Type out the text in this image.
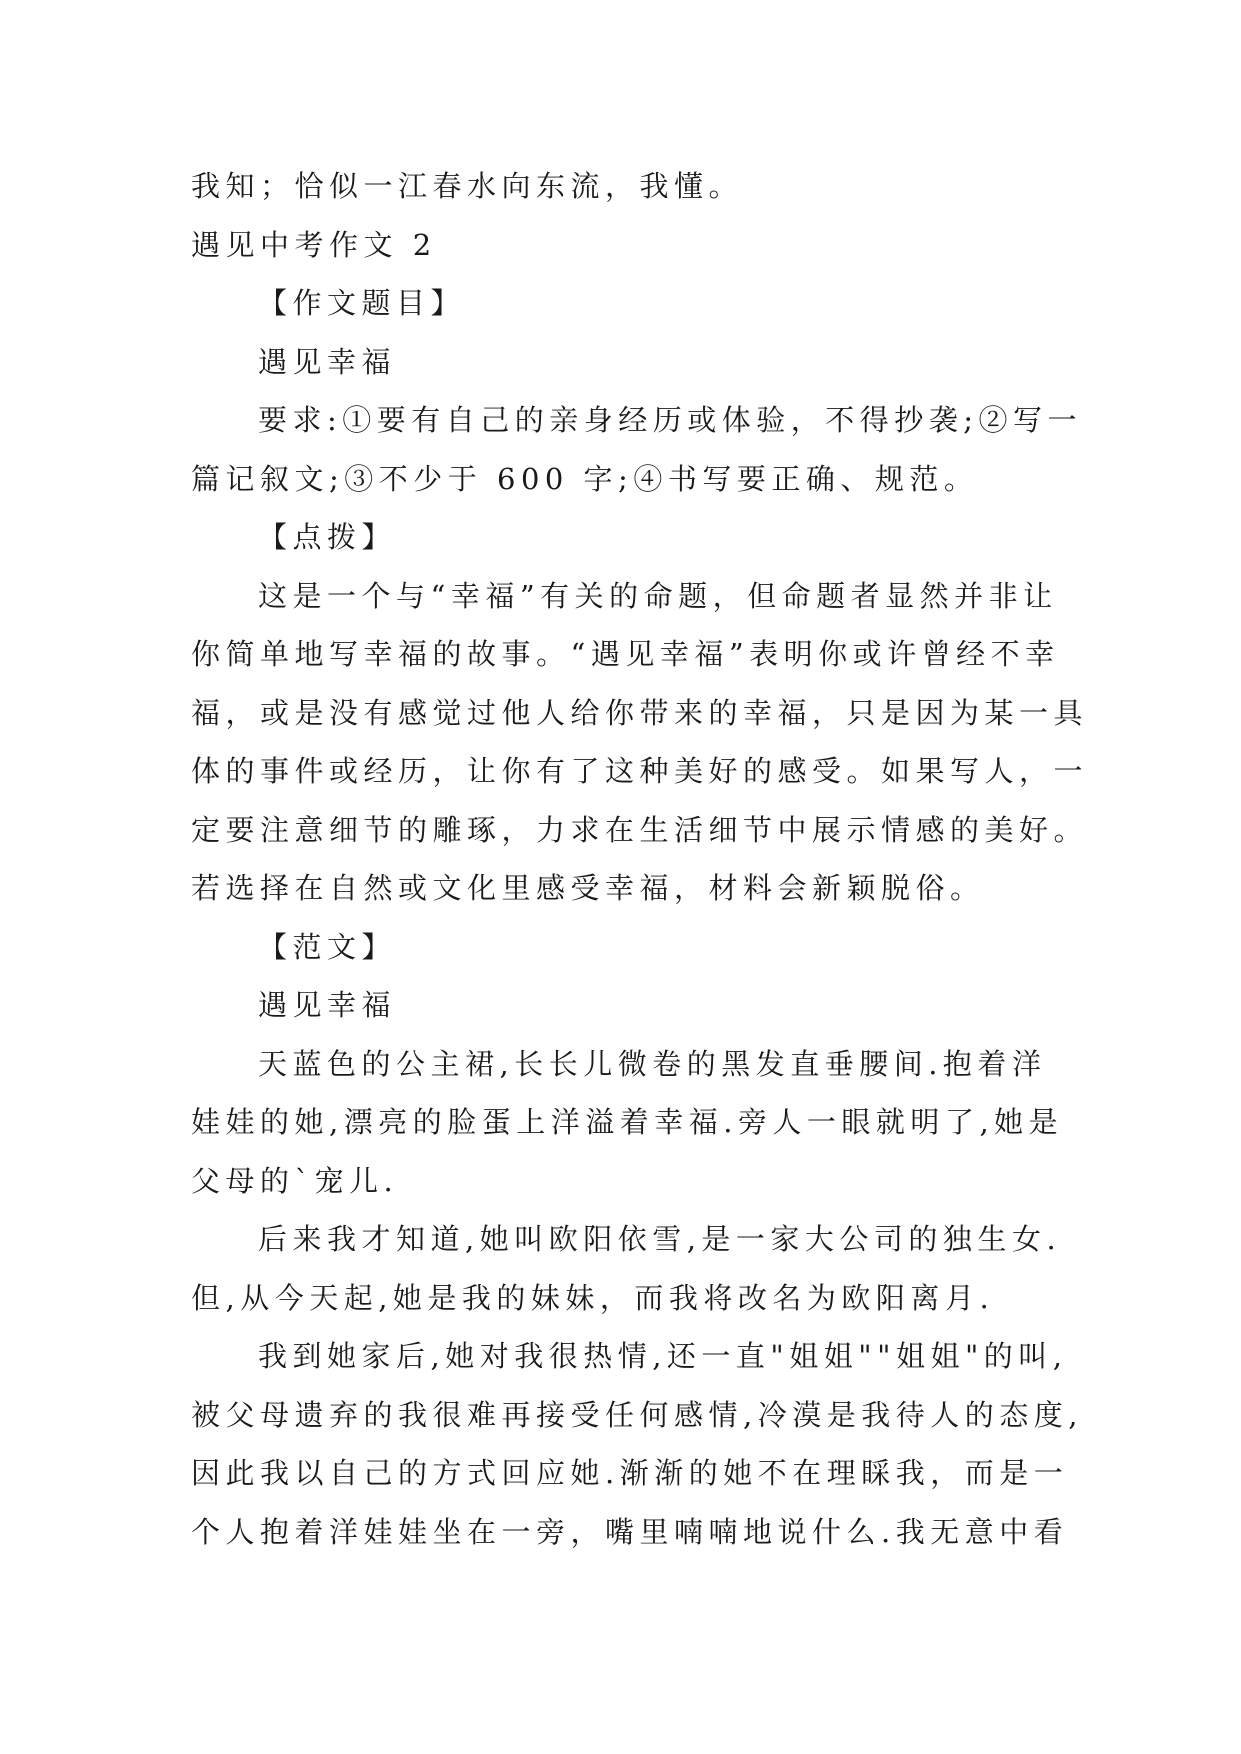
我知；恰似一江春水向东流，我懂。

遇见中考作文 2

【作文题目】

遇见幸福

要求:①要有自己的亲身经历或体验，不得抄袭;②写一

篇记叙文;③不少于 600 字;④书写要正确、规范。

【点拨】

这是一个与“幸福”有关的命题，但命题者显然并非让

你简单地写幸福的故事。“遇见幸福”表明你或许曾经不幸

福，或是没有感觉过他人给你带来的幸福，只是因为某一具

体的事件或经历，让你有了这种美好的感受。如果写人，一

定要注意细节的雕琢，力求在生活细节中展示情感的美好。

若选择在自然或文化里感受幸福，材料会新颖脱俗。

【范文】

遇见幸福

天蓝色的公主裙,长长儿微卷的黑发直垂腰间.抱着洋

娃娃的她,漂亮的脸蛋上洋溢着幸福.旁人一眼就明了,她是

父母的`宠儿.

后来我才知道,她叫欧阳依雪,是一家大公司的独生女.

但,从今天起,她是我的妹妹，而我将改名为欧阳离月.

我到她家后,她对我很热情,还一直"姐姐""姐姐"的叫,

被父母遗弃的我很难再接受任何感情,冷漠是我待人的态度,

因此我以自己的方式回应她.渐渐的她不在理睬我，而是一

个人抱着洋娃娃坐在一旁，嘴里喃喃地说什么.我无意中看
